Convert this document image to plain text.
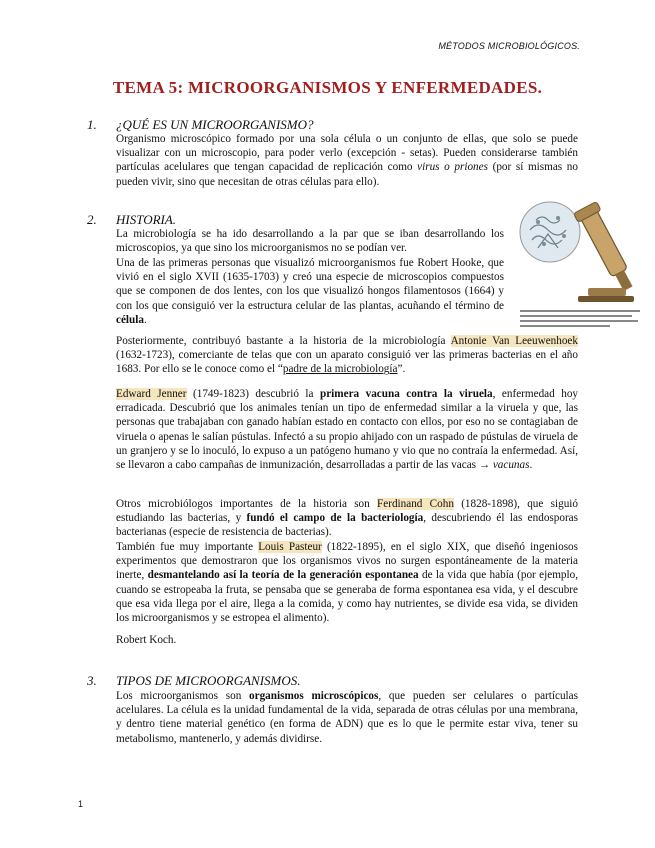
MÉTODOS MICROBIOLÓGICOS.
TEMA 5: MICROORGANISMOS Y ENFERMEDADES.
1. ¿QUÉ ES UN MICROORGANISMO?

Organismo microscópico formado por una sola célula o un conjunto de ellas, que solo se puede visualizar con un microscopio, para poder verlo (excepción - setas). Pueden considerarse también partículas acelulares que tengan capacidad de replicación como virus o priones (por sí mismas no pueden vivir, sino que necesitan de otras células para ello).

2. HISTORIA.

La microbiología se ha ido desarrollando a la par que se iban desarrollando los microscopios, ya que sino los microorganismos no se podían ver.

Una de las primeras personas que visualizó microorganismos fue Robert Hooke, que vivió en el siglo XVII (1635-1703) y creó una especie de microscopios compuestos que se componen de dos lentes, con los que visualizó hongos filamentosos (1664) y con los que consiguió ver la estructura celular de las plantas, acuñando el término de célula.

Posteriormente, contribuyó bastante a la historia de la microbiología Antonie Van Leeuwenhoek (1632-1723), comerciante de telas que con un aparato consiguió ver las primeras bacterias en el año 1683. Por ello se le conoce como el “padre de la microbiología”.

Edward Jenner (1749-1823) descubrió la primera vacuna contra la viruela, enfermedad hoy erradicada. Descubrió que los animales tenían un tipo de enfermedad similar a la viruela y que, las personas que trabajaban con ganado habían estado en contacto con ellos, por eso no se contagiaban de viruela o apenas le salían pústulas. Infectó a su propio ahijado con un raspado de pústulas de viruela de un granjero y se lo inoculó, lo expuso a un patógeno humano y vio que no contraía la enfermedad. Así, se llevaron a cabo campañas de inmunización, desarrolladas a partir de las vacas → vacunas.

Otros microbiólogos importantes de la historia son Ferdinand Cohn (1828-1898), que siguió estudiando las bacterias, y fundó el campo de la bacteriología, descubriendo él las endosporas bacterianas (especie de resistencia de bacterias).

También fue muy importante Louis Pasteur (1822-1895), en el siglo XIX, que diseñó ingeniosos experimentos que demostraron que los organismos vivos no surgen espontáneamente de la materia inerte, desmantelando así la teoría de la generación espontanea de la vida que había (por ejemplo, cuando se estropeaba la fruta, se pensaba que se generaba de forma espontanea esa vida, y el descubre que esa vida llega por el aire, llega a la comida, y como hay nutrientes, se divide esa vida, se dividen los microorganismos y se estropea el alimento).

Robert Koch.

3. TIPOS DE MICROORGANISMOS.

Los microorganismos son organismos microscópicos, que pueden ser celulares o partículas acelulares. La célula es la unidad fundamental de la vida, separada de otras células por una membrana, y dentro tiene material genético (en forma de ADN) que es lo que le permite estar viva, tener su metabolismo, mantenerlo, y además dividirse.

1
